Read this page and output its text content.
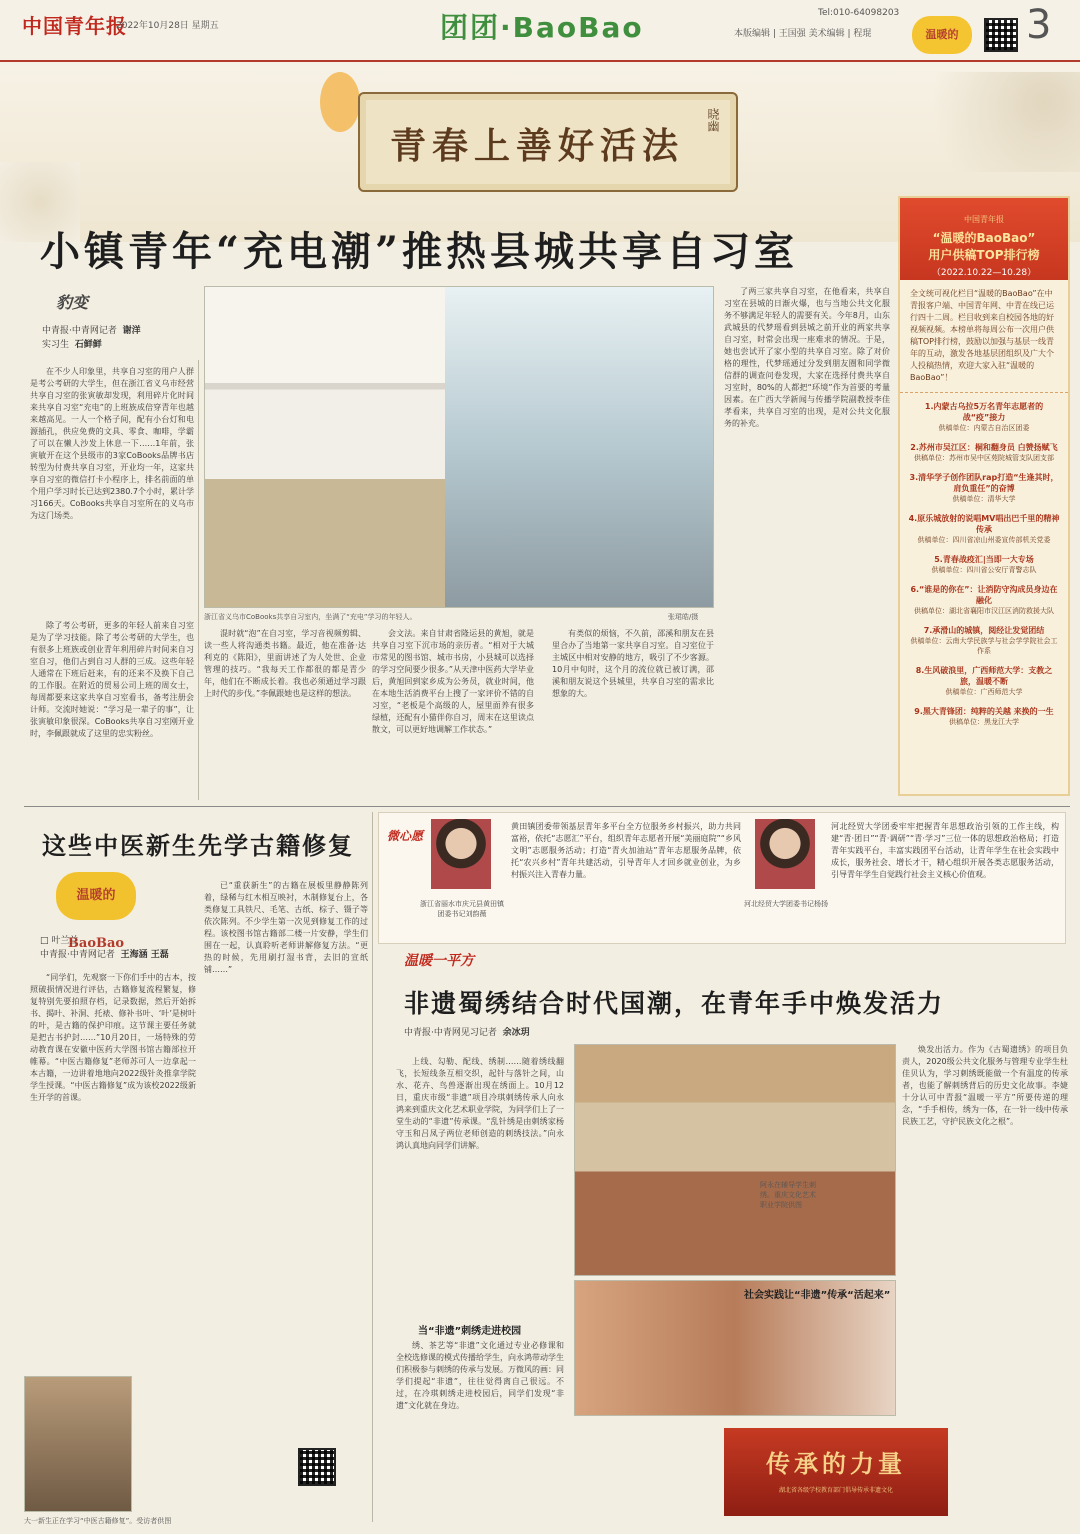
中国青年报
2022年10月28日 星期五	团团·BaoBao	Tel:010-64098203
本版编辑 | 王国强 美术编辑 | 程琨	温暖的	3
青春上善好活法
晓幽
小镇青年“充电潮”推热县城共享自习室
豹变
中青报·中青网记者 谢洋
实习生 石鲜鲜

在不少人印象里，共享自习室的用户人群是考公考研的大学生，但在浙江省义乌市经营共享自习室的张寅敏却发现，利用碎片化时间来共享自习室“充电”的上班族成倍穿青年也越来越高见。一人一个格子间，配有小台灯和电源插孔，供应免费的文具、零食、咖啡，学霸了可以在懒人沙发上休息一下……1年前，张寅敏开在这个县级市的3家CoBooks品牌书店转型为付费共享自习室，开业均一年，这家共享自习室的微信打卡小程序上，排名前面的单个用户学习时长已达到2380.7个小时，累计学习166天。CoBooks共享自习室所在的义乌市为这门场类。

浙江省义乌市CoBooks共享自习室内，坐满了“充电”学习的年轻人。	张珺皓/摄

除了考公考研，更多的年轻人前来自习室是为了学习技能。除了考公考研的大学生，也有很多上班族或创业青年利用碎片时间来自习室自习，他们占到自习人群的三成。这些年轻人通常在下班后赶来，有的还来不及换下自己的工作服。在附近的贸易公司上班的周女士，每周都要来这家共享自习室看书，备考注册会计师。交流时她说：“学习是一辈子的事”，让张寅敏印象很深。CoBooks共享自习室刚开业时，李佩跟就成了这里的忠实粉丝。

混时就“泡”在自习室，学习音视频剪辑、读一些人将沟通类书籍。最近，他在准备·达利克的《陈阳》，里面讲述了为人处世、企业管理的技巧。“我每天工作都很的都是青少年，他们在不断成长着。我也必须通过学习跟上时代的步伐。”李佩跟她也是这样的想法。

会文法。来自甘肃省隆运县的黄旭，就是共享自习室下沉市场的亲历者。“相对于大城市常见的图书馆、城市书房，小县城可以选择的学习空间要少很多。”从天津中医药大学毕业后，黄旭回到家乡成为公务员，就业时间，他在本地生活消费平台上搜了一家评价不错的自习室，“老板是个高级的人，屋里面养有很多绿植，还配有小猫伴你自习，周末在这里读点散文，可以更好地调解工作状态。”

有类似的烦恼，不久前，邵溪和朋友在县里合办了当地第一家共享自习室。自习室位于主城区中相对安静的地方，吸引了不少客源。10月中旬时，这个月的流位就已被订满，邵溪和朋友说这个县城里，共享自习室的需求比想象的大。

了两三家共享自习室，在他看来，共享自习室在县城的日渐火爆，也与当地公共文化服务不够满足年轻人的需要有关。今年8月，山东武城县的代梦瑶看到县城之前开业的两家共享自习室，时常会出现一座难求的情况。于是，她也尝试开了家小型的共享自习室。除了对价格的理性，代梦瑶通过分发到朋友圈和同学微信群的调查问卷发现，大家在选择付费共享自习室时，80%的人都把“环境”作为首要的考量因素。在广西大学新闻与传播学院副教授李佳孝看来，共享自习室的出现，是对公共文化服务的补充。

中国青年报
“温暖的BaoBao”
用户供稿TOP排行榜
（2022.10.22—10.28）
全文统可视化栏目“温暖的BaoBao”在中青报客户端、中国青年网、中青在线已运行四十二周。栏目收到来自校园各地的好视频视频。本榜单将每周公布一次用户供稿TOP排行榜，鼓励以加强与基层一线青年的互动，激发各地基层团组织及广大个人投稿热情，欢迎大家入驻“温暖的BaoBao”！
1.内蒙古乌拉5万名青年志愿者的战“疫”接力
供稿单位：内蒙古自治区团委
2.苏州市吴江区：桐和翻身员 白赞扬赋飞
供稿单位：苏州市吴中区苑院城管支队团支部
3.清华学子创作团队rap打造“生逢其时，肩负重任”的奋博
供稿单位：清华大学
4.原乐城放射的说唱MV唱出巴千里的精神传承
供稿单位：四川省凉山州委宣传部机关党委
5.青春战疫汇|当即一大专场
供稿单位：四川省公安厅青警志队
6.“谁是的你在”：让消防守沟成员身边在融化
供稿单位：湖北省襄阳市汉江区消防救援大队
7.承滑山的城镇，阅经让发觉团结
供稿单位：云南大学民族学与社会学学院社会工作系
8.生风破浪里，广西师范大学：支教之旅，温暖不断
供稿单位：广西师范大学
9.黑大青锋团：纯粹的关越 来换的一生
供稿单位：黑龙江大学
这些中医新生先学古籍修复
温暖的BaoBao
□ 叶兰兰
中青报·中青网记者 王海涵 王磊

“同学们，先观察一下你们手中的古本，按照破损情况进行评估，古籍修复流程繁复，修复特别先要拍照存档，记录数据，然后开始拆书、揭叶、补洞、托裱、修补书叶、‘叶’是树叶的叶，是古籍的保护印痕。这节课主要任务就是把古书护封……”10月20日，一场特殊的劳动教育课在安徽中医药大学图书馆古籍部拉开帷幕。“中医古籍修复”老师苏可人一边拿起一本古籍，一边讲着地地向2022级针灸推拿学院学生授课。“中医古籍修复”成为该校2022级新生开学的首课。

已“重获新生”的古籍在展板里静静陈列着，绿稀与红木相互映衬，木制修复台上，各类修复工具铁尺、毛笔、古纸、棕子、镊子等依次陈列。不少学生第一次见到修复工作的过程。该校图书馆古籍部二楼一片安静，学生们围在一起，认真聆听老师讲解修复方法。“更热的时候，先用刷打湿书背，去旧的宣纸铺……”

大一新生正在学习“中医古籍修复”。受访者供图
微心愿
浙江省丽水市庆元县黄田镇团委书记刘韵薇
黄田镇团委带领基层青年多平台全方位服务乡村振兴，助力共同富裕，依托“志愿汇”平台，组织青年志愿者开展“美丽庭院”“乡风文明”志愿服务活动；打造“青火加油站”青年志愿服务品牌，依托“农兴乡村”青年共建活动，引导青年人才回乡就业创业，为乡村振兴注入青春力量。
河北经贸大学团委书记杨扬
河北经贸大学团委牢牢把握青年思想政治引领的工作主线，构建“青·团日”“青·调研”“青·学习”三位一体的思想政治格局；打造青年实践平台，丰富实践团平台活动，让青年学生在社会实践中成长，服务社会、增长才干，精心组织开展各类志愿服务活动，引导青年学生自觉践行社会主义核心价值观。
温暖一平方
非遗蜀绣结合时代国潮，在青年手中焕发活力
中青报·中青网见习记者 余冰玥

上线、勾勒、配线、绣制……随着绣线翻飞，长短线条互相交织，起针与落针之间，山水、花卉、鸟兽逐渐出现在绣面上。10月12日，重庆市级“非遗”项目冷琪刺绣传承人向永鸿来到重庆文化艺术职业学院，为同学们上了一堂生动的“非遗”传承课。“乱针绣是由刺绣家杨守玉和吕凤子两位老师创造的刺绣技法。”向永鸿认真地向同学们讲解。

当“非遗”刺绣走进校园

绣、茶艺等“非遗”文化通过专业必修课和全校选修课的模式传播给学生，向永鸿带动学生们积极参与刺绣的传承与发展。万微风的画：同学们提起“非遗”，往往觉得离自己很远。不过，在冷琪刺绣走进校园后，同学们发现“非遗”文化就在身边。

阿永在辅导学生刺绣。重庆文化艺术职业学院供图
社会实践让“非遗”传承“活起来”

焕发出活力。作为《古蜀遗绣》的项目负责人，2020级公共文化服务与管理专业学生杜佳贝认为，学习刺绣既能做一个有温度的传承者，也能了解刺绣背后的历史文化故事。李婕十分认可中青报“温暖一平方”所要传递的理念，“手手相传，绣为一体，在一针一线中传承民族工艺，守护民族文化之根”。

传承的力量
湖北省各级学校教育部门倡导传承非遗文化
